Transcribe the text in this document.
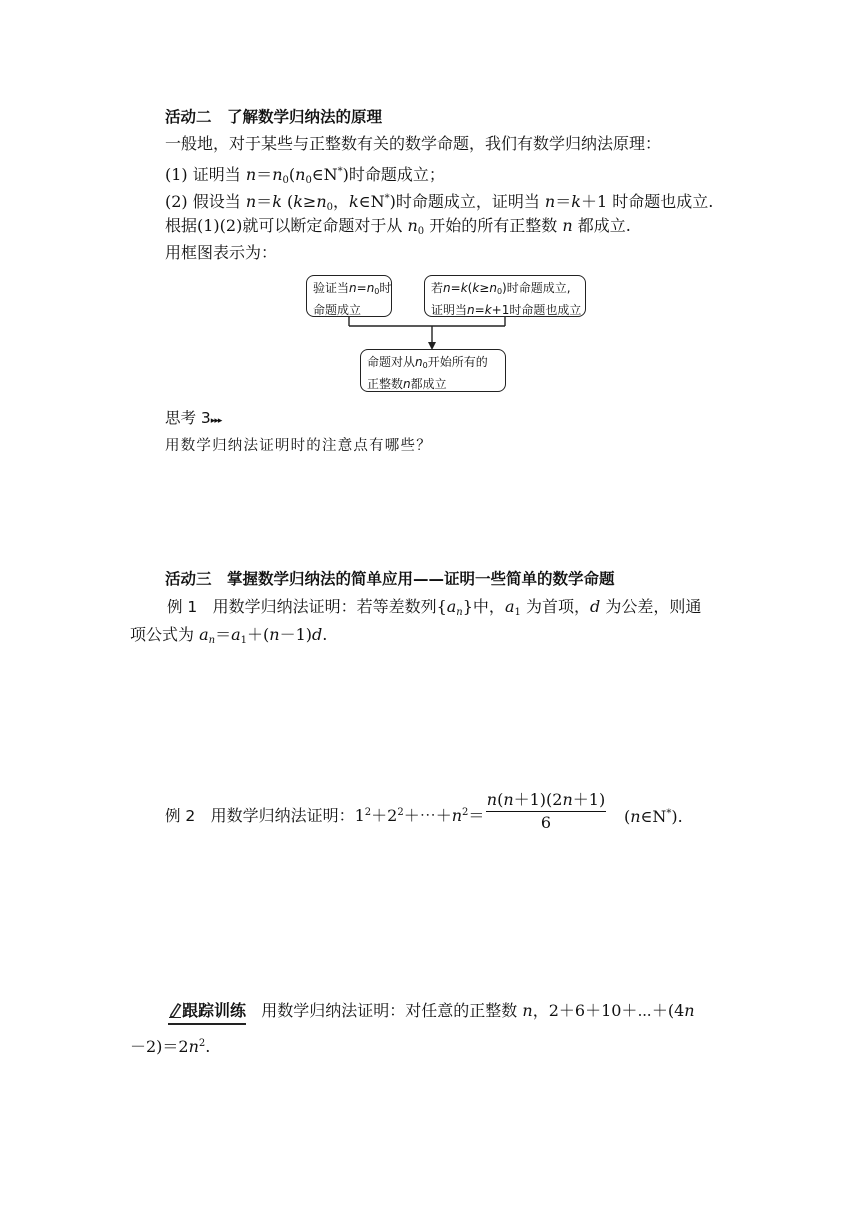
活动二　了解数学归纳法的原理
一般地，对于某些与正整数有关的数学命题，我们有数学归纳法原理：
(1) 证明当 $n=n_0(n_0\in N^*)$时命题成立；
(2) 假设当 n＝k ($k\ge n_0$，k∈N*)时命题成立，证明当 n＝k＋1 时命题也成立.
根据(1)(2)就可以断定命题对于从 $n_0$ 开始的所有正整数 n 都成立.
用框图表示为：
验证当$n=n_0$时
命题成立
若$n=k(k\ge n_0)$时命题成立,
证明当n=k+1时命题也成立
命题对从$n_0$开始所有的
正整数n都成立
思考 3▸▸▸
用数学归纳法证明时的注意点有哪些？
活动三　掌握数学归纳法的简单应用——证明一些简单的数学命题
例 1 用数学归纳法证明：若等差数列$\{a_n\}$中，$a_1$ 为首项，d 为公差，则通
项公式为 $a_n=a_1+(n-1)d$.
例 2 用数学归纳法证明：$1^2+2^2+\cdots+n^2=$
n(n＋1)(2n＋1)
6	(n∈N*).
跟踪训练 用数学归纳法证明：对任意的正整数 n，2＋6＋10＋⋯＋(4n
$-2)=2n^2$.
